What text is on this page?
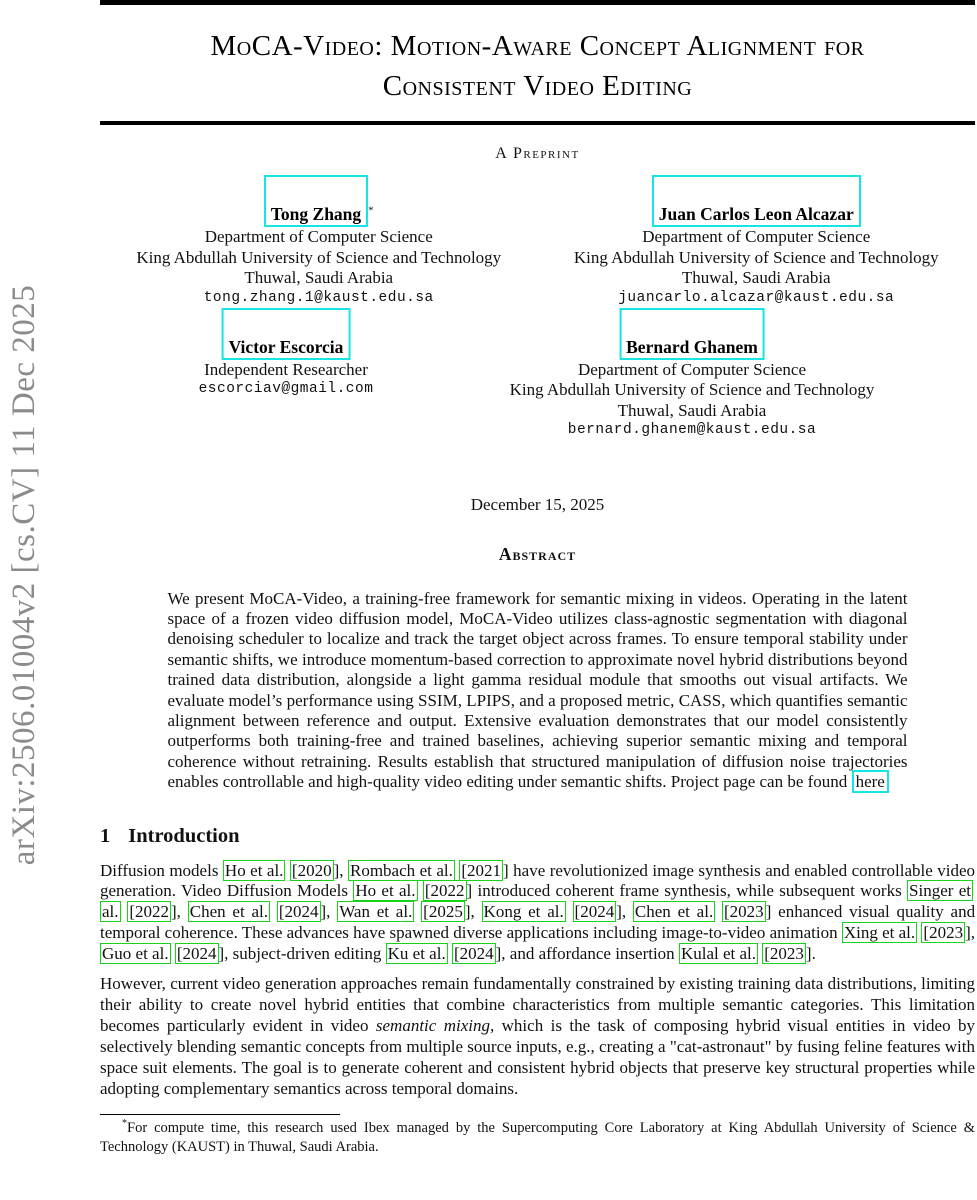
arXiv:2506.01004v2 [cs.CV] 11 Dec 2025
MoCA-Video: Motion-Aware Concept Alignment for
Consistent Video Editing
A Preprint
Tong Zhang *
Department of Computer Science
King Abdullah University of Science and Technology
Thuwal, Saudi Arabia
tong.zhang.1@kaust.edu.sa
Juan Carlos Leon Alcazar
Department of Computer Science
King Abdullah University of Science and Technology
Thuwal, Saudi Arabia
juancarlo.alcazar@kaust.edu.sa
Victor Escorcia
Independent Researcher
escorciav@gmail.com
Bernard Ghanem
Department of Computer Science
King Abdullah University of Science and Technology
Thuwal, Saudi Arabia
bernard.ghanem@kaust.edu.sa
December 15, 2025
Abstract
We present MoCA-Video, a training-free framework for semantic mixing in videos. Operating in the latent space of a frozen video diffusion model, MoCA-Video utilizes class-agnostic segmentation with diagonal denoising scheduler to localize and track the target object across frames. To ensure temporal stability under semantic shifts, we introduce momentum-based correction to approximate novel hybrid distributions beyond trained data distribution, alongside a light gamma residual module that smooths out visual artifacts. We evaluate model’s performance using SSIM, LPIPS, and a proposed metric, CASS, which quantifies semantic alignment between reference and output. Extensive evaluation demonstrates that our model consistently outperforms both training-free and trained baselines, achieving superior semantic mixing and temporal coherence without retraining. Results establish that structured manipulation of diffusion noise trajectories enables controllable and high-quality video editing under semantic shifts. Project page can be found here
1 Introduction
Diffusion models Ho et al. [2020 ], Rombach et al. [2021 ] have revolutionized image synthesis and enabled controllable video generation. Video Diffusion Models Ho et al. [2022 ] introduced coherent frame synthesis, while subsequent works Singer et al. [2022 ], Chen et al. [2024 ], Wan et al. [2025 ], Kong et al. [2024 ], Chen et al. [2023 ] enhanced visual quality and temporal coherence. These advances have spawned diverse applications including image-to-video animation Xing et al. [2023 ], Guo et al. [2024 ], subject-driven editing Ku et al. [2024 ], and affordance insertion Kulal et al. [2023 ].
However, current video generation approaches remain fundamentally constrained by existing training data distributions, limiting their ability to create novel hybrid entities that combine characteristics from multiple semantic categories. This limitation becomes particularly evident in video semantic mixing, which is the task of composing hybrid visual entities in video by selectively blending semantic concepts from multiple source inputs, e.g., creating a "cat-astronaut" by fusing feline features with space suit elements. The goal is to generate coherent and consistent hybrid objects that preserve key structural properties while adopting complementary semantics across temporal domains.
*For compute time, this research used Ibex managed by the Supercomputing Core Laboratory at King Abdullah University of Science & Technology (KAUST) in Thuwal, Saudi Arabia.
